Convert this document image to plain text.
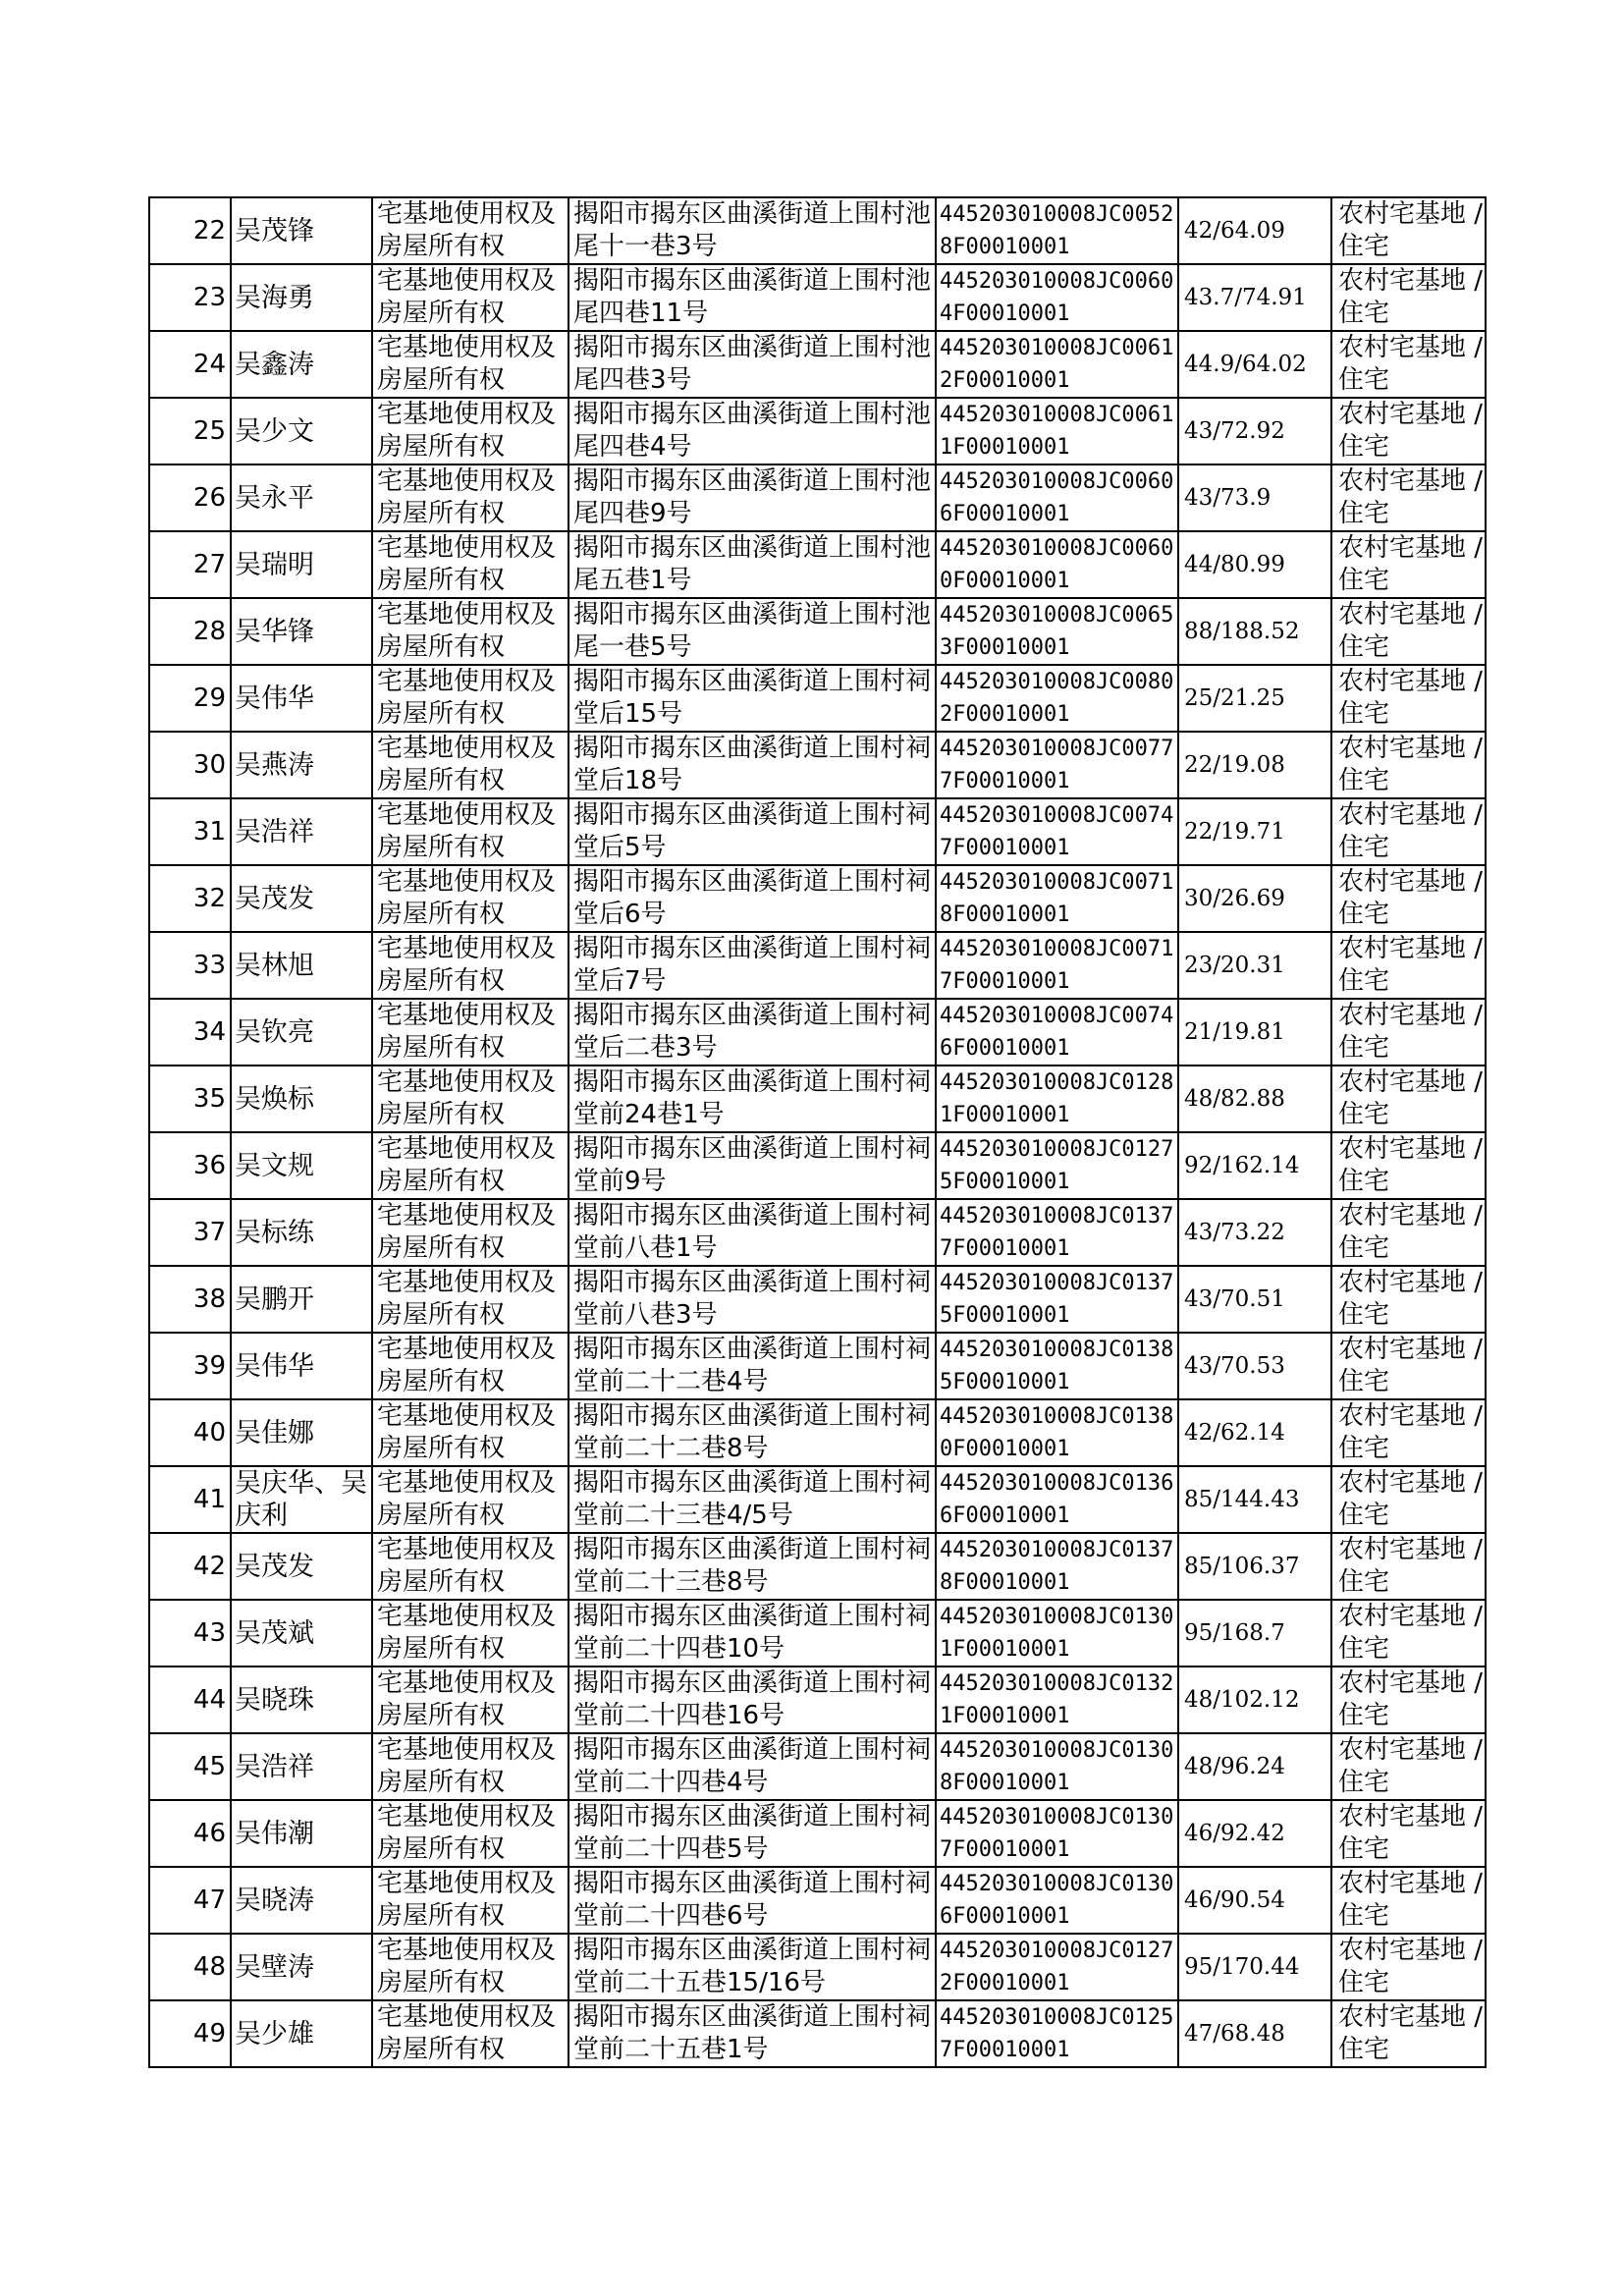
22	吴茂锋	宅基地使用权及房屋所有权	揭阳市揭东区曲溪街道上围村池尾十一巷3号	445203010008JC00528F00010001	42/64.09	农村宅基地 / 住宅
23	吴海勇	宅基地使用权及房屋所有权	揭阳市揭东区曲溪街道上围村池尾四巷11号	445203010008JC00604F00010001	43.7/74.91	农村宅基地 / 住宅
24	吴鑫涛	宅基地使用权及房屋所有权	揭阳市揭东区曲溪街道上围村池尾四巷3号	445203010008JC00612F00010001	44.9/64.02	农村宅基地 / 住宅
25	吴少文	宅基地使用权及房屋所有权	揭阳市揭东区曲溪街道上围村池尾四巷4号	445203010008JC00611F00010001	43/72.92	农村宅基地 / 住宅
26	吴永平	宅基地使用权及房屋所有权	揭阳市揭东区曲溪街道上围村池尾四巷9号	445203010008JC00606F00010001	43/73.9	农村宅基地 / 住宅
27	吴瑞明	宅基地使用权及房屋所有权	揭阳市揭东区曲溪街道上围村池尾五巷1号	445203010008JC00600F00010001	44/80.99	农村宅基地 / 住宅
28	吴华锋	宅基地使用权及房屋所有权	揭阳市揭东区曲溪街道上围村池尾一巷5号	445203010008JC00653F00010001	88/188.52	农村宅基地 / 住宅
29	吴伟华	宅基地使用权及房屋所有权	揭阳市揭东区曲溪街道上围村祠堂后15号	445203010008JC00802F00010001	25/21.25	农村宅基地 / 住宅
30	吴燕涛	宅基地使用权及房屋所有权	揭阳市揭东区曲溪街道上围村祠堂后18号	445203010008JC00777F00010001	22/19.08	农村宅基地 / 住宅
31	吴浩祥	宅基地使用权及房屋所有权	揭阳市揭东区曲溪街道上围村祠堂后5号	445203010008JC00747F00010001	22/19.71	农村宅基地 / 住宅
32	吴茂发	宅基地使用权及房屋所有权	揭阳市揭东区曲溪街道上围村祠堂后6号	445203010008JC00718F00010001	30/26.69	农村宅基地 / 住宅
33	吴林旭	宅基地使用权及房屋所有权	揭阳市揭东区曲溪街道上围村祠堂后7号	445203010008JC00717F00010001	23/20.31	农村宅基地 / 住宅
34	吴钦亮	宅基地使用权及房屋所有权	揭阳市揭东区曲溪街道上围村祠堂后二巷3号	445203010008JC00746F00010001	21/19.81	农村宅基地 / 住宅
35	吴焕标	宅基地使用权及房屋所有权	揭阳市揭东区曲溪街道上围村祠堂前24巷1号	445203010008JC01281F00010001	48/82.88	农村宅基地 / 住宅
36	吴文规	宅基地使用权及房屋所有权	揭阳市揭东区曲溪街道上围村祠堂前9号	445203010008JC01275F00010001	92/162.14	农村宅基地 / 住宅
37	吴标练	宅基地使用权及房屋所有权	揭阳市揭东区曲溪街道上围村祠堂前八巷1号	445203010008JC01377F00010001	43/73.22	农村宅基地 / 住宅
38	吴鹏开	宅基地使用权及房屋所有权	揭阳市揭东区曲溪街道上围村祠堂前八巷3号	445203010008JC01375F00010001	43/70.51	农村宅基地 / 住宅
39	吴伟华	宅基地使用权及房屋所有权	揭阳市揭东区曲溪街道上围村祠堂前二十二巷4号	445203010008JC01385F00010001	43/70.53	农村宅基地 / 住宅
40	吴佳娜	宅基地使用权及房屋所有权	揭阳市揭东区曲溪街道上围村祠堂前二十二巷8号	445203010008JC01380F00010001	42/62.14	农村宅基地 / 住宅
41	吴庆华、吴庆利	宅基地使用权及房屋所有权	揭阳市揭东区曲溪街道上围村祠堂前二十三巷4/5号	445203010008JC01366F00010001	85/144.43	农村宅基地 / 住宅
42	吴茂发	宅基地使用权及房屋所有权	揭阳市揭东区曲溪街道上围村祠堂前二十三巷8号	445203010008JC01378F00010001	85/106.37	农村宅基地 / 住宅
43	吴茂斌	宅基地使用权及房屋所有权	揭阳市揭东区曲溪街道上围村祠堂前二十四巷10号	445203010008JC01301F00010001	95/168.7	农村宅基地 / 住宅
44	吴晓珠	宅基地使用权及房屋所有权	揭阳市揭东区曲溪街道上围村祠堂前二十四巷16号	445203010008JC01321F00010001	48/102.12	农村宅基地 / 住宅
45	吴浩祥	宅基地使用权及房屋所有权	揭阳市揭东区曲溪街道上围村祠堂前二十四巷4号	445203010008JC01308F00010001	48/96.24	农村宅基地 / 住宅
46	吴伟潮	宅基地使用权及房屋所有权	揭阳市揭东区曲溪街道上围村祠堂前二十四巷5号	445203010008JC01307F00010001	46/92.42	农村宅基地 / 住宅
47	吴晓涛	宅基地使用权及房屋所有权	揭阳市揭东区曲溪街道上围村祠堂前二十四巷6号	445203010008JC01306F00010001	46/90.54	农村宅基地 / 住宅
48	吴壁涛	宅基地使用权及房屋所有权	揭阳市揭东区曲溪街道上围村祠堂前二十五巷15/16号	445203010008JC01272F00010001	95/170.44	农村宅基地 / 住宅
49	吴少雄	宅基地使用权及房屋所有权	揭阳市揭东区曲溪街道上围村祠堂前二十五巷1号	445203010008JC01257F00010001	47/68.48	农村宅基地 / 住宅
